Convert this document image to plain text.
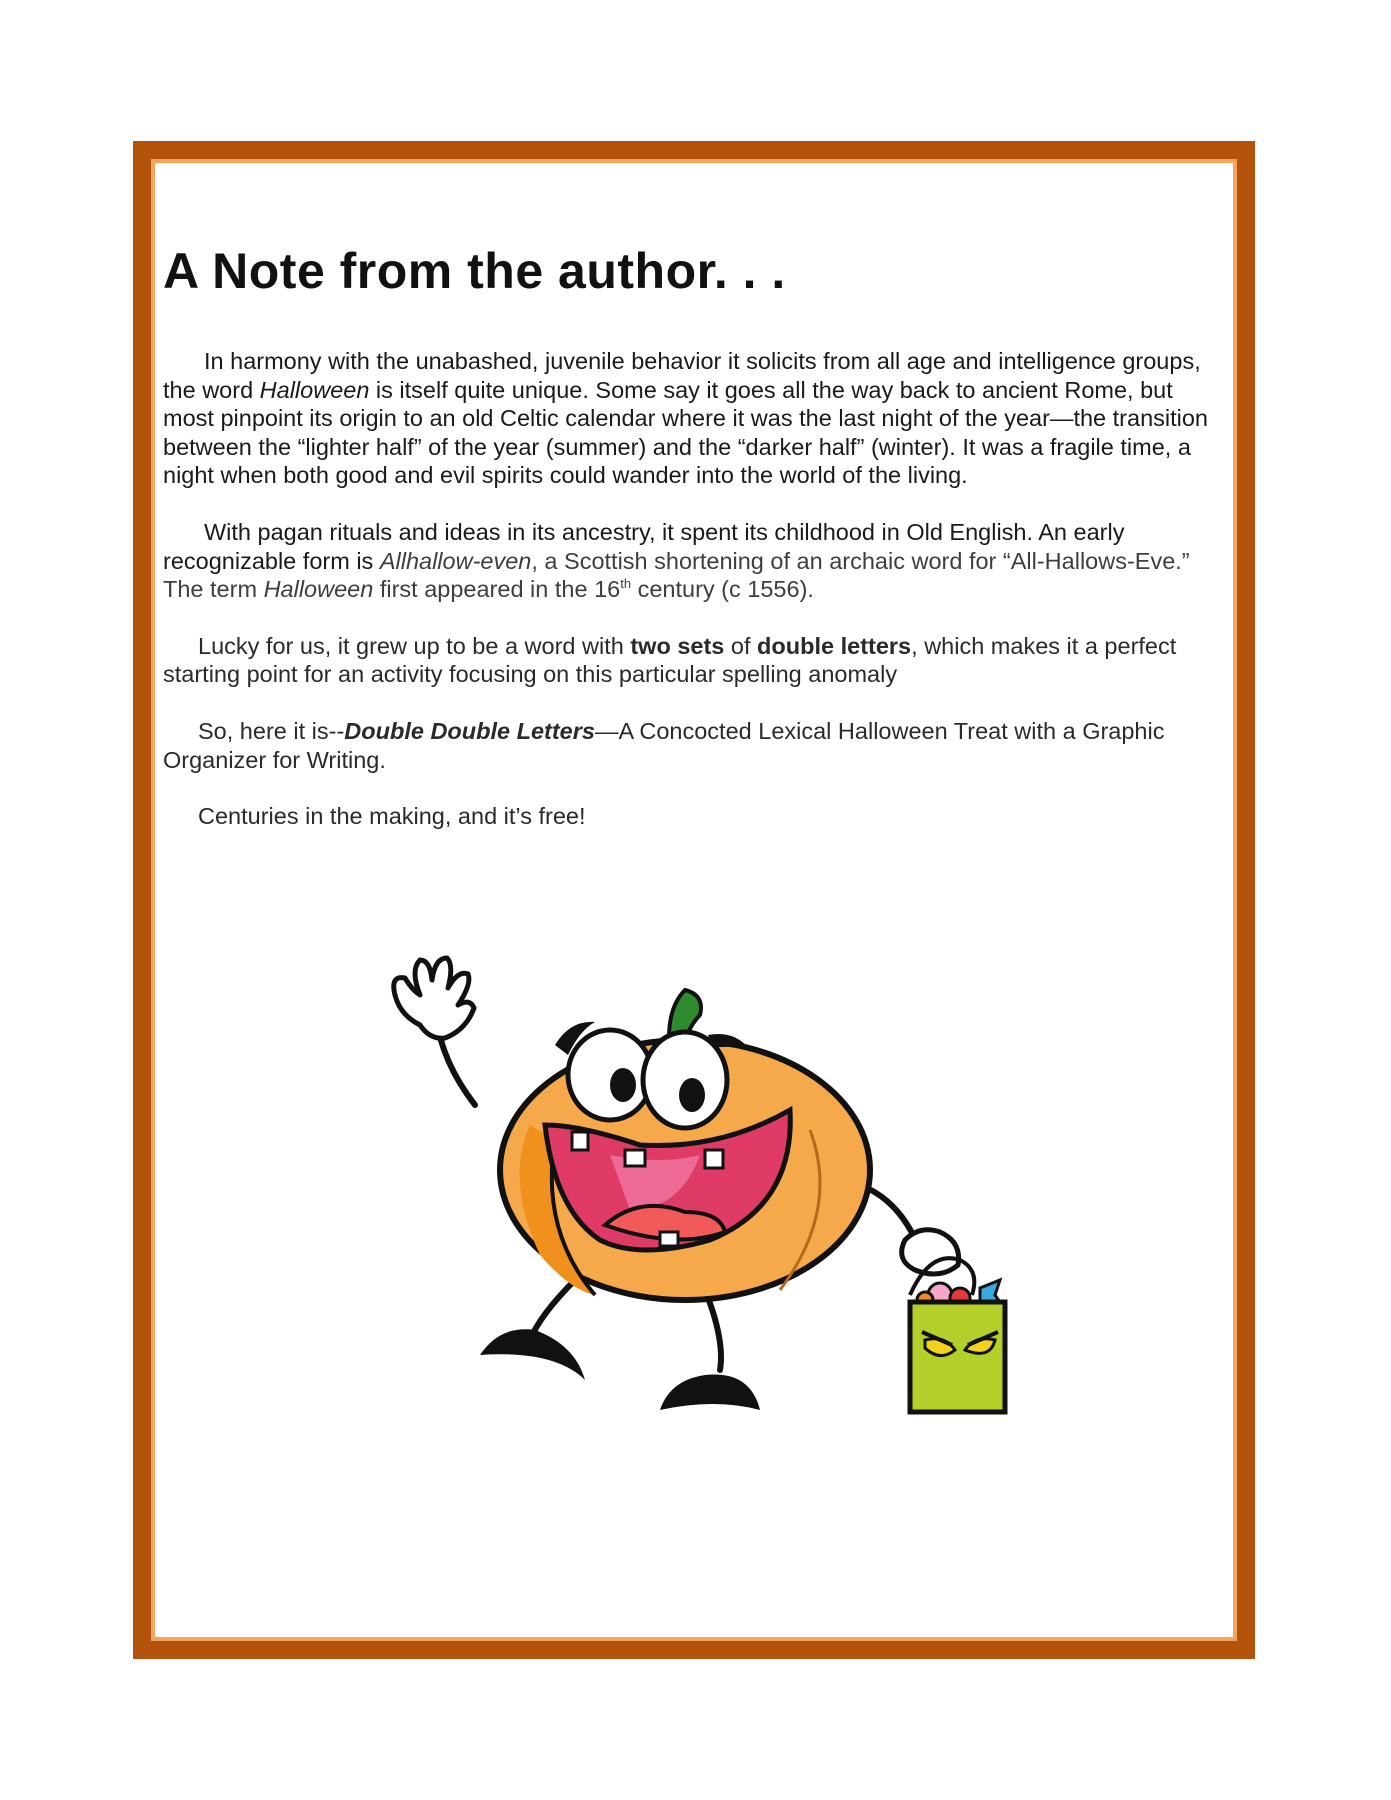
A Note from the author. . .

In harmony with the unabashed, juvenile behavior it solicits from all age and intelligence groups, the word Halloween is itself quite unique. Some say it goes all the way back to ancient Rome, but most pinpoint its origin to an old Celtic calendar where it was the last night of the year—the transition between the “lighter half” of the year (summer) and the “darker half” (winter). It was a fragile time, a night when both good and evil spirits could wander into the world of the living.

With pagan rituals and ideas in its ancestry, it spent its childhood in Old English. An early recognizable form is Allhallow-even, a Scottish shortening of an archaic word for “All-Hallows-Eve.” The term Halloween first appeared in the 16th century (c 1556).

Lucky for us, it grew up to be a word with two sets of double letters, which makes it a perfect starting point for an activity focusing on this particular spelling anomaly

So, here it is--Double Double Letters—A Concocted Lexical Halloween Treat with a Graphic Organizer for Writing.

Centuries in the making, and it’s free!
